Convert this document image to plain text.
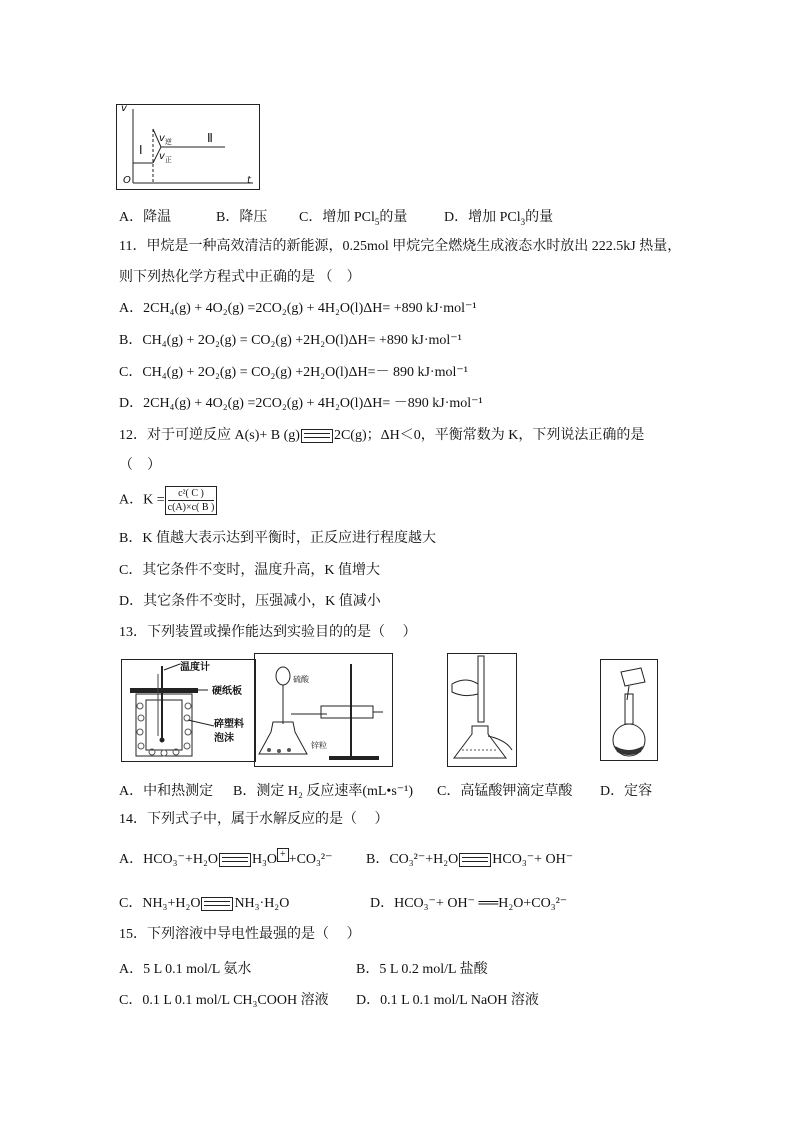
v
t
O
Ⅰ
Ⅱ
$v_逆$
$v_正$
A．降温	B．降压 C．增加 PCl$_5$的量	D．增加 PCl$_3$的量
11．甲烷是一种高效清洁的新能源，0.25mol 甲烷完全燃烧生成液态水时放出 222.5kJ 热量，
则下列热化学方程式中正确的是 （　）
A．2CH₄(g) + 4O₂(g) =2CO₂(g) + 4H₂O(l)ΔH= +890 kJ·mol⁻¹
B．CH₄(g) + 2O₂(g) = CO₂(g) +2H₂O(l)ΔH= +890 kJ·mol⁻¹
C．CH₄(g) + 2O₂(g) = CO₂(g) +2H₂O(l)ΔH=－ 890 kJ·mol⁻¹
D．2CH₄(g) + 4O₂(g) =2CO₂(g) + 4H₂O(l)ΔH= －890 kJ·mol⁻¹
12．对于可逆反应 A(s)+ B (g) 2C(g)；ΔH＜0，平衡常数为 K，下列说法正确的是
（　）
A．$K = \frac{\text{c²( C )}}{c(A)\times c( B )}$
B．K 值越大表示达到平衡时，正反应进行程度越大
C．其它条件不变时，温度升高，K 值增大
D．其它条件不变时，压强减小，K 值减小
13．下列装置或操作能达到实验目的的是（　 ）
温度计
硬纸板
碎塑料
泡沫
硫酸
锌粒
A．中和热测定 B．测定 H₂ 反应速率(mL•s⁻¹) C．高锰酸钾滴定草酸 D．定容
14．下列式子中，属于水解反应的是（　 ）
A．HCO₃⁻+H₂O H₃O + +CO₃²⁻ B．CO₃²⁻+H₂O HCO₃⁻+ OH⁻
C．NH₃+H₂O NH₃·H₂O	D．HCO₃⁻+ OH⁻ ══H₂O+CO₃²⁻
15．下列溶液中导电性最强的是（　 ）
A．5 L 0.1 mol/L 氨水	B．5 L 0.2 mol/L 盐酸
C．0.1 L 0.1 mol/L CH₃COOH 溶液 D．0.1 L 0.1 mol/L NaOH 溶液
